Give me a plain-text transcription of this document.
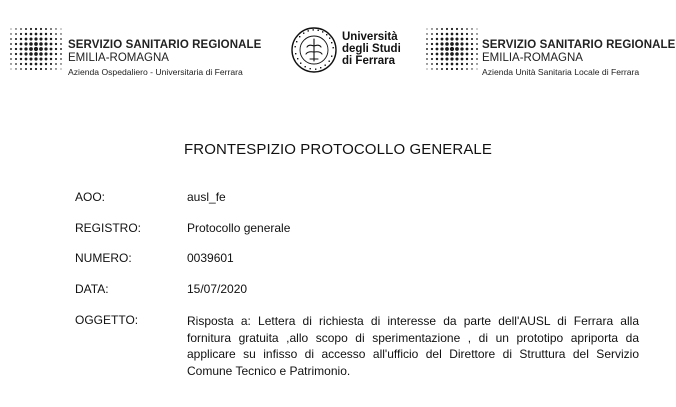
SERVIZIO SANITARIO REGIONALE
EMILIA-ROMAGNA
Azienda Ospedaliero - Universitaria di Ferrara
Università
degli Studi
di Ferrara
SERVIZIO SANITARIO REGIONALE
EMILIA-ROMAGNA
Azienda Unità Sanitaria Locale di Ferrara
FRONTESPIZIO PROTOCOLLO GENERALE
AOO:	ausl_fe
REGISTRO:	Protocollo generale
NUMERO:	0039601
DATA:	15/07/2020
OGGETTO:	Risposta a: Lettera di richiesta di interesse da parte dell'AUSL di Ferrara alla fornitura gratuita ,allo scopo di sperimentazione , di un prototipo apriporta da applicare su infisso di accesso all'ufficio del Direttore di Struttura del Servizio Comune Tecnico e Patrimonio.
